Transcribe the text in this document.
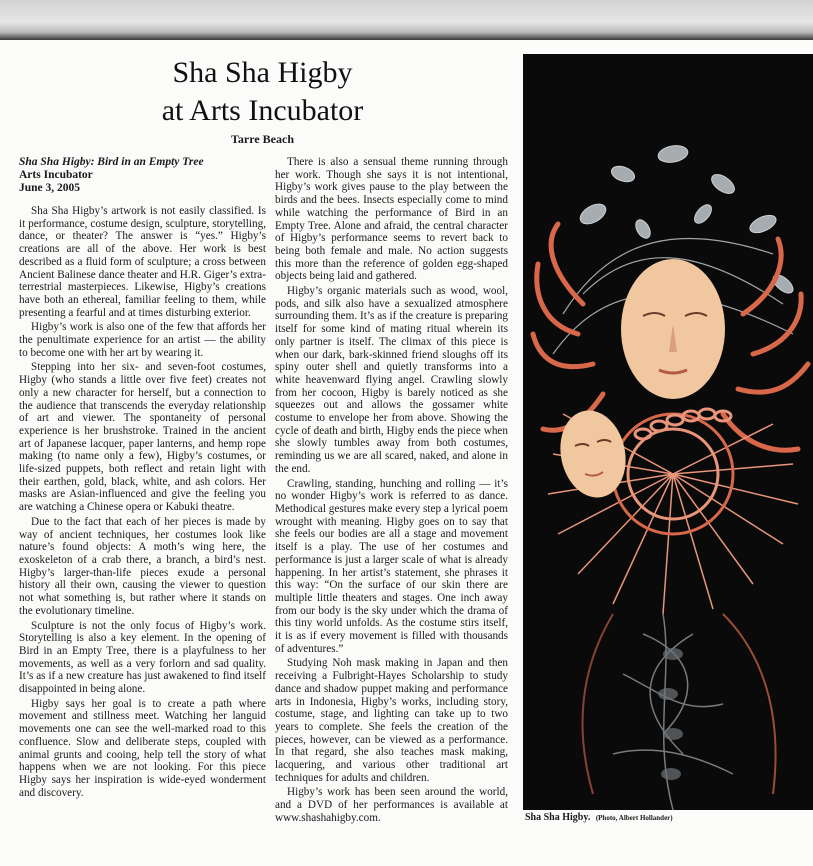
Sha Sha Higby
at Arts Incubator
Tarre Beach
Sha Sha Higby: Bird in an Empty Tree
Arts Incubator
June 3, 2005

Sha Sha Higby’s artwork is not easily classified. Is it performance, costume design, sculpture, storytelling, dance, or theater? The answer is “yes.” Higby’s creations are all of the above. Her work is best described as a fluid form of sculpture; a cross between Ancient Balinese dance theater and H.R. Giger’s extra-terrestrial masterpieces. Likewise, Higby’s creations have both an ethereal, familiar feeling to them, while presenting a fearful and at times disturbing exterior.

Higby’s work is also one of the few that affords her the penultimate experience for an artist — the ability to become one with her art by wearing it.

Stepping into her six- and seven-foot costumes, Higby (who stands a little over five feet) creates not only a new character for herself, but a connection to the audience that transcends the everyday relationship of art and viewer. The spontaneity of personal experience is her brushstroke. Trained in the ancient art of Japanese lacquer, paper lanterns, and hemp rope making (to name only a few), Higby’s costumes, or life-sized puppets, both reflect and retain light with their earthen, gold, black, white, and ash colors. Her masks are Asian-influenced and give the feeling you are watching a Chinese opera or Kabuki theatre.

Due to the fact that each of her pieces is made by way of ancient techniques, her costumes look like nature’s found objects: A moth’s wing here, the exoskeleton of a crab there, a branch, a bird’s nest. Higby’s larger-than-life pieces exude a personal history all their own, causing the viewer to question not what something is, but rather where it stands on the evolutionary timeline.

Sculpture is not the only focus of Higby’s work. Storytelling is also a key element. In the opening of Bird in an Empty Tree, there is a playfulness to her movements, as well as a very forlorn and sad quality. It’s as if a new creature has just awakened to find itself disappointed in being alone.

Higby says her goal is to create a path where movement and stillness meet. Watching her languid movements one can see the well-marked road to this confluence. Slow and deliberate steps, coupled with animal grunts and cooing, help tell the story of what happens when we are not looking. For this piece Higby says her inspiration is wide-eyed wonderment and discovery.

There is also a sensual theme running through her work. Though she says it is not intentional, Higby’s work gives pause to the play between the birds and the bees. Insects especially come to mind while watching the performance of Bird in an Empty Tree. Alone and afraid, the central character of Higby’s performance seems to revert back to being both female and male. No action suggests this more than the reference of golden egg-shaped objects being laid and gathered.

Higby’s organic materials such as wood, wool, pods, and silk also have a sexualized atmosphere surrounding them. It’s as if the creature is preparing itself for some kind of mating ritual wherein its only partner is itself. The climax of this piece is when our dark, bark-skinned friend sloughs off its spiny outer shell and quietly transforms into a white heavenward flying angel. Crawling slowly from her cocoon, Higby is barely noticed as she squeezes out and allows the gossamer white costume to envelope her from above. Showing the cycle of death and birth, Higby ends the piece when she slowly tumbles away from both costumes, reminding us we are all scared, naked, and alone in the end.

Crawling, standing, hunching and rolling — it’s no wonder Higby’s work is referred to as dance. Methodical gestures make every step a lyrical poem wrought with meaning. Higby goes on to say that she feels our bodies are all a stage and movement itself is a play. The use of her costumes and performance is just a larger scale of what is already happening. In her artist’s statement, she phrases it this way: “On the surface of our skin there are multiple little theaters and stages. One inch away from our body is the sky under which the drama of this tiny world unfolds. As the costume stirs itself, it is as if every movement is filled with thousands of adventures.”

Studying Noh mask making in Japan and then receiving a Fulbright-Hayes Scholarship to study dance and shadow puppet making and performance arts in Indonesia, Higby’s works, including story, costume, stage, and lighting can take up to two years to complete. She feels the creation of the pieces, however, can be viewed as a performance. In that regard, she also teaches mask making, lacquering, and various other traditional art techniques for adults and children.

Higby’s work has been seen around the world, and a DVD of her performances is available at www.shashahigby.com.	Sha Sha Higby. (Photo, Albert Hollander)
